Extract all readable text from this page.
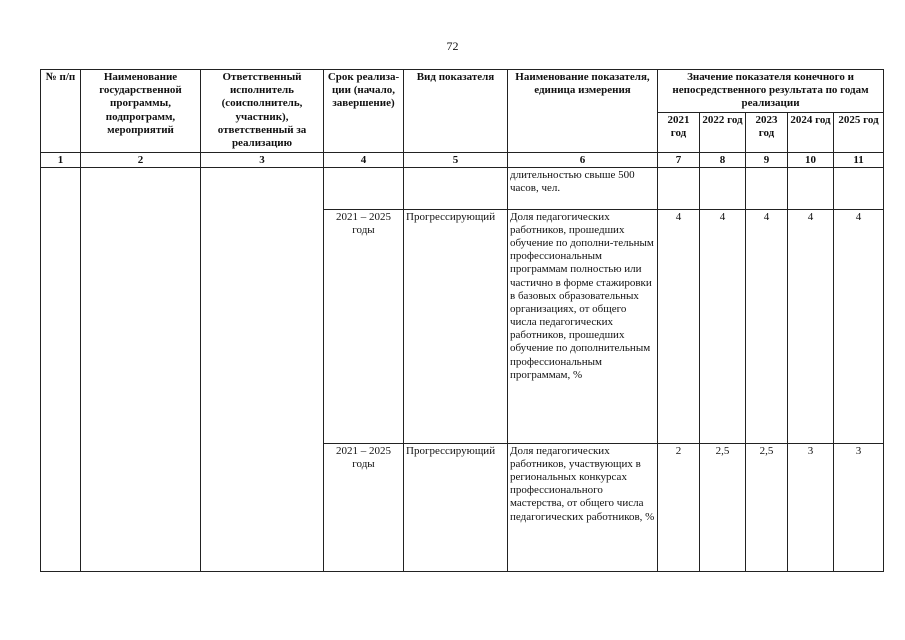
72
№ п/п	Наименование государственной программы, подпрограмм, мероприятий	Ответственный исполнитель (соисполнитель, участник), ответственный за реализацию	Срок реализа-ции (начало, завершение)	Вид показателя	Наименование показателя, единица измерения	Значение показателя конечного и непосредственного результата по годам реализации				
						2021 год	2022 год	2023 год	2024 год	2025 год
1	2	3	4	5	6	7	8	9	10	11
					длительностью свыше 500 часов, чел.					
			2021 – 2025 годы	Прогрессирующий	Доля педагогических работников, прошедших обучение по дополни-тельным профессиональным программам полностью или частично в форме стажировки в базовых образовательных организациях, от общего числа педагогических работников, прошедших обучение по дополнительным профессиональным программам, %	4	4	4	4	4
			2021 – 2025 годы	Прогрессирующий	Доля педагогических работников, участвующих в региональных конкурсах профессионального мастерства, от общего числа педагогических работников, %	2	2,5	2,5	3	3
